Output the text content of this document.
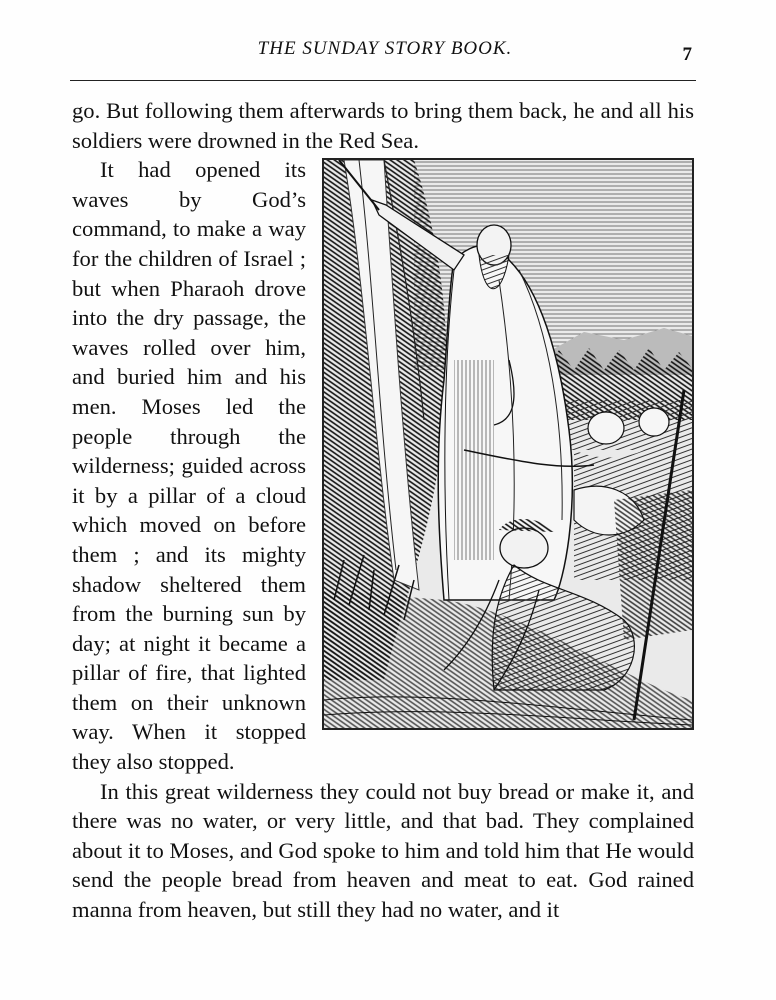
THE SUNDAY STORY BOOK.	7

go. But following them afterwards to bring them back, he and all his soldiers were drowned in the Red Sea.

It had opened its waves by God’s command, to make a way for the children of Israel ; but when Pharaoh drove into the dry passage, the waves rolled over him, and buried him and his men. Moses led the people through the wilderness; guided across it by a pillar of a cloud which moved on before them ; and its mighty shadow sheltered them from the burning sun by day; at night it became a pillar of fire, that lighted them on their unknown way. When it stopped they also stopped.

In this great wilderness they could not buy bread or make it, and there was no water, or very little, and that bad. They complained about it to Moses, and God spoke to him and told him that He would send the people bread from heaven and meat to eat. God rained manna from heaven, but still they had no water, and it
